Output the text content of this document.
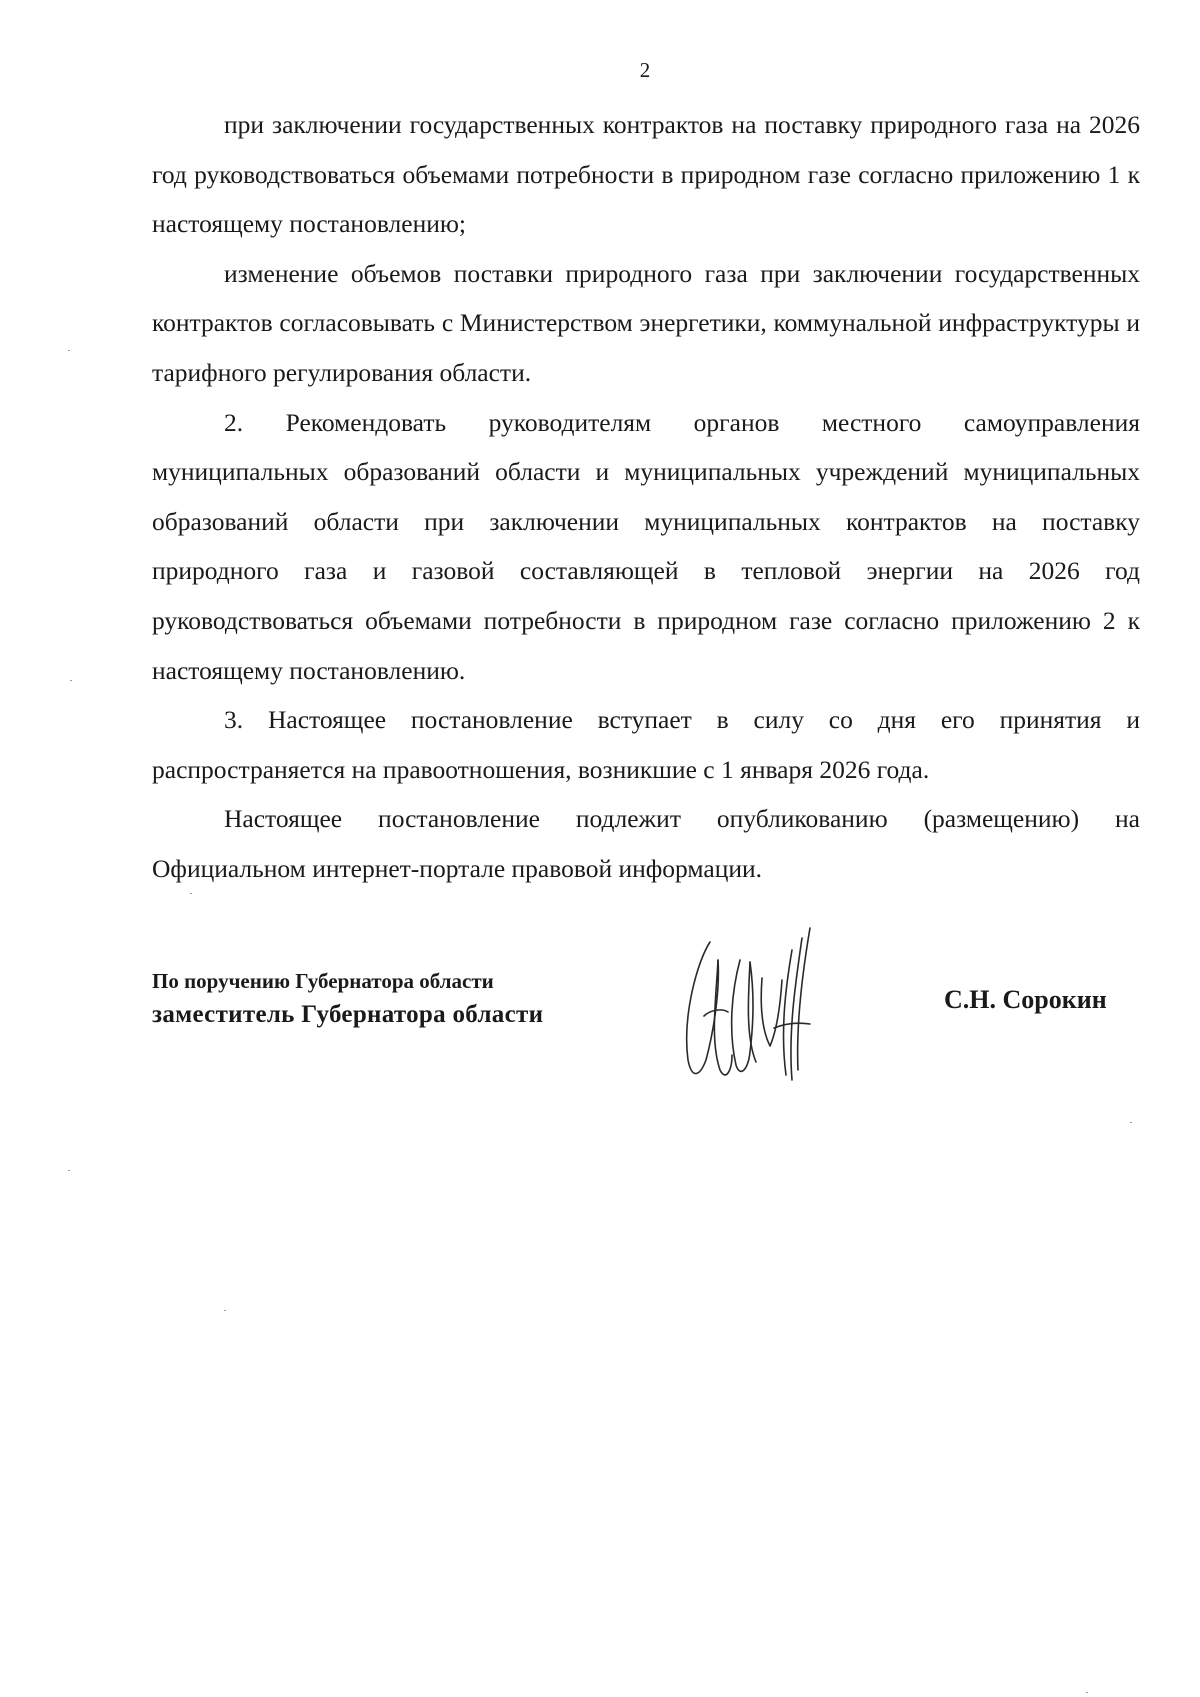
2

при заключении государственных контрактов на поставку природного газа на 2026 год руководствоваться объемами потребности в природном газе согласно приложению 1 к настоящему постановлению;

изменение объемов поставки природного газа при заключении государственных контрактов согласовывать с Министерством энергетики, коммунальной инфраструктуры и тарифного регулирования области.

2. Рекомендовать руководителям органов местного самоуправления муниципальных образований области и муниципальных учреждений муниципальных образований области при заключении муниципальных контрактов на поставку природного газа и газовой составляющей в тепловой энергии на 2026 год руководствоваться объемами потребности в природном газе согласно приложению 2 к настоящему постановлению.

3. Настоящее постановление вступает в силу со дня его принятия и распространяется на правоотношения, возникшие с 1 января 2026 года.

Настоящее постановление подлежит опубликованию (размещению) на Официальном интернет-портале правовой информации.

По поручению Губернатора области
заместитель Губернатора области
С.Н. Сорокин
